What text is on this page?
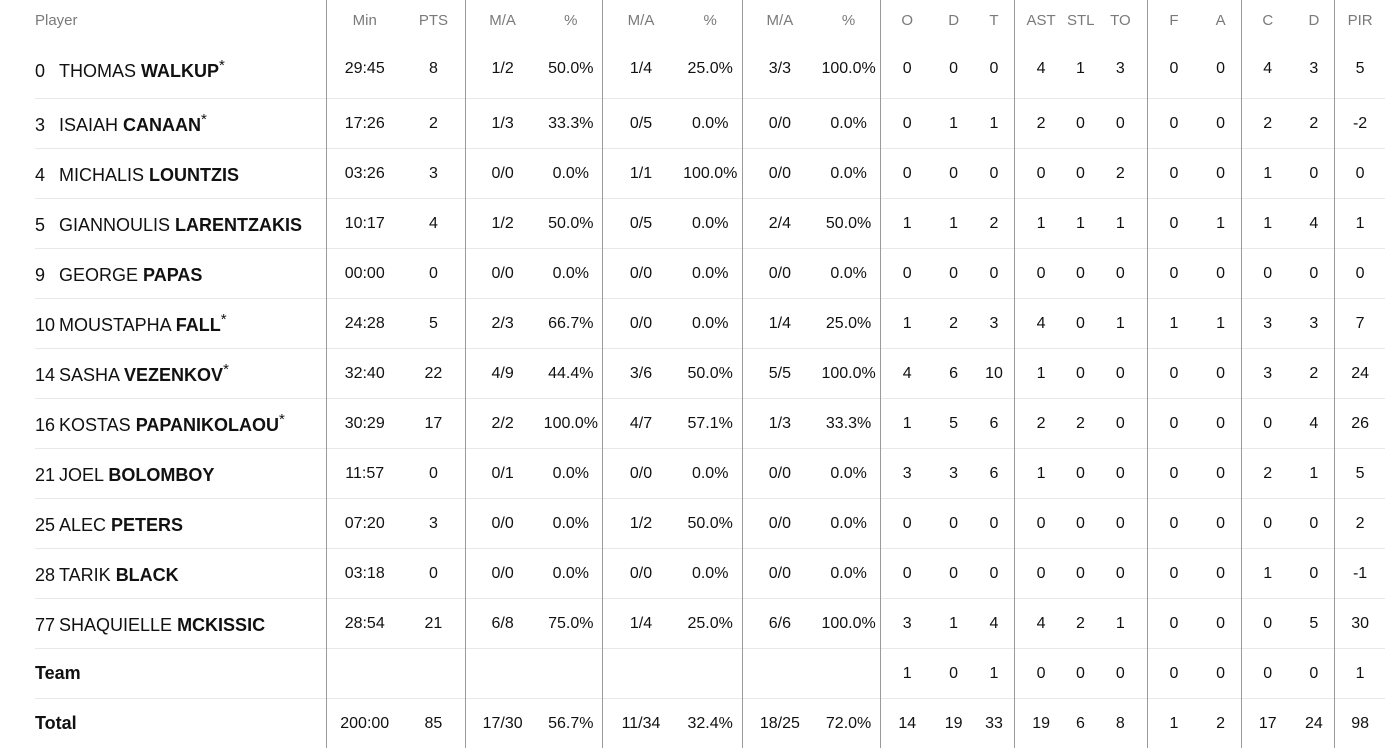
Player	Min	PTS	M/A	%	M/A	%	M/A	%	O	D	T	AST	STL	TO	F	A	C	D	PIR
0 THOMAS WALKUP*	29:45	8	1/2	50.0%	1/4	25.0%	3/3	100.0%	0	0	0	4	1	3	0	0	4	3	5
3 ISAIAH CANAAN*	17:26	2	1/3	33.3%	0/5	0.0%	0/0	0.0%	0	1	1	2	0	0	0	0	2	2	-2
4 MICHALIS LOUNTZIS	03:26	3	0/0	0.0%	1/1	100.0%	0/0	0.0%	0	0	0	0	0	2	0	0	1	0	0
5 GIANNOULIS LARENTZAKIS	10:17	4	1/2	50.0%	0/5	0.0%	2/4	50.0%	1	1	2	1	1	1	0	1	1	4	1
9 GEORGE PAPAS	00:00	0	0/0	0.0%	0/0	0.0%	0/0	0.0%	0	0	0	0	0	0	0	0	0	0	0
10 MOUSTAPHA FALL*	24:28	5	2/3	66.7%	0/0	0.0%	1/4	25.0%	1	2	3	4	0	1	1	1	3	3	7
14 SASHA VEZENKOV*	32:40	22	4/9	44.4%	3/6	50.0%	5/5	100.0%	4	6	10	1	0	0	0	0	3	2	24
16 KOSTAS PAPANIKOLAOU*	30:29	17	2/2	100.0%	4/7	57.1%	1/3	33.3%	1	5	6	2	2	0	0	0	0	4	26
21 JOEL BOLOMBOY	11:57	0	0/1	0.0%	0/0	0.0%	0/0	0.0%	3	3	6	1	0	0	0	0	2	1	5
25 ALEC PETERS	07:20	3	0/0	0.0%	1/2	50.0%	0/0	0.0%	0	0	0	0	0	0	0	0	0	0	2
28 TARIK BLACK	03:18	0	0/0	0.0%	0/0	0.0%	0/0	0.0%	0	0	0	0	0	0	0	0	1	0	-1
77 SHAQUIELLE MCKISSIC	28:54	21	6/8	75.0%	1/4	25.0%	6/6	100.0%	3	1	4	4	2	1	0	0	0	5	30
Team									1	0	1	0	0	0	0	0	0	0	1
Total	200:00	85	17/30	56.7%	11/34	32.4%	18/25	72.0%	14	19	33	19	6	8	1	2	17	24	98
